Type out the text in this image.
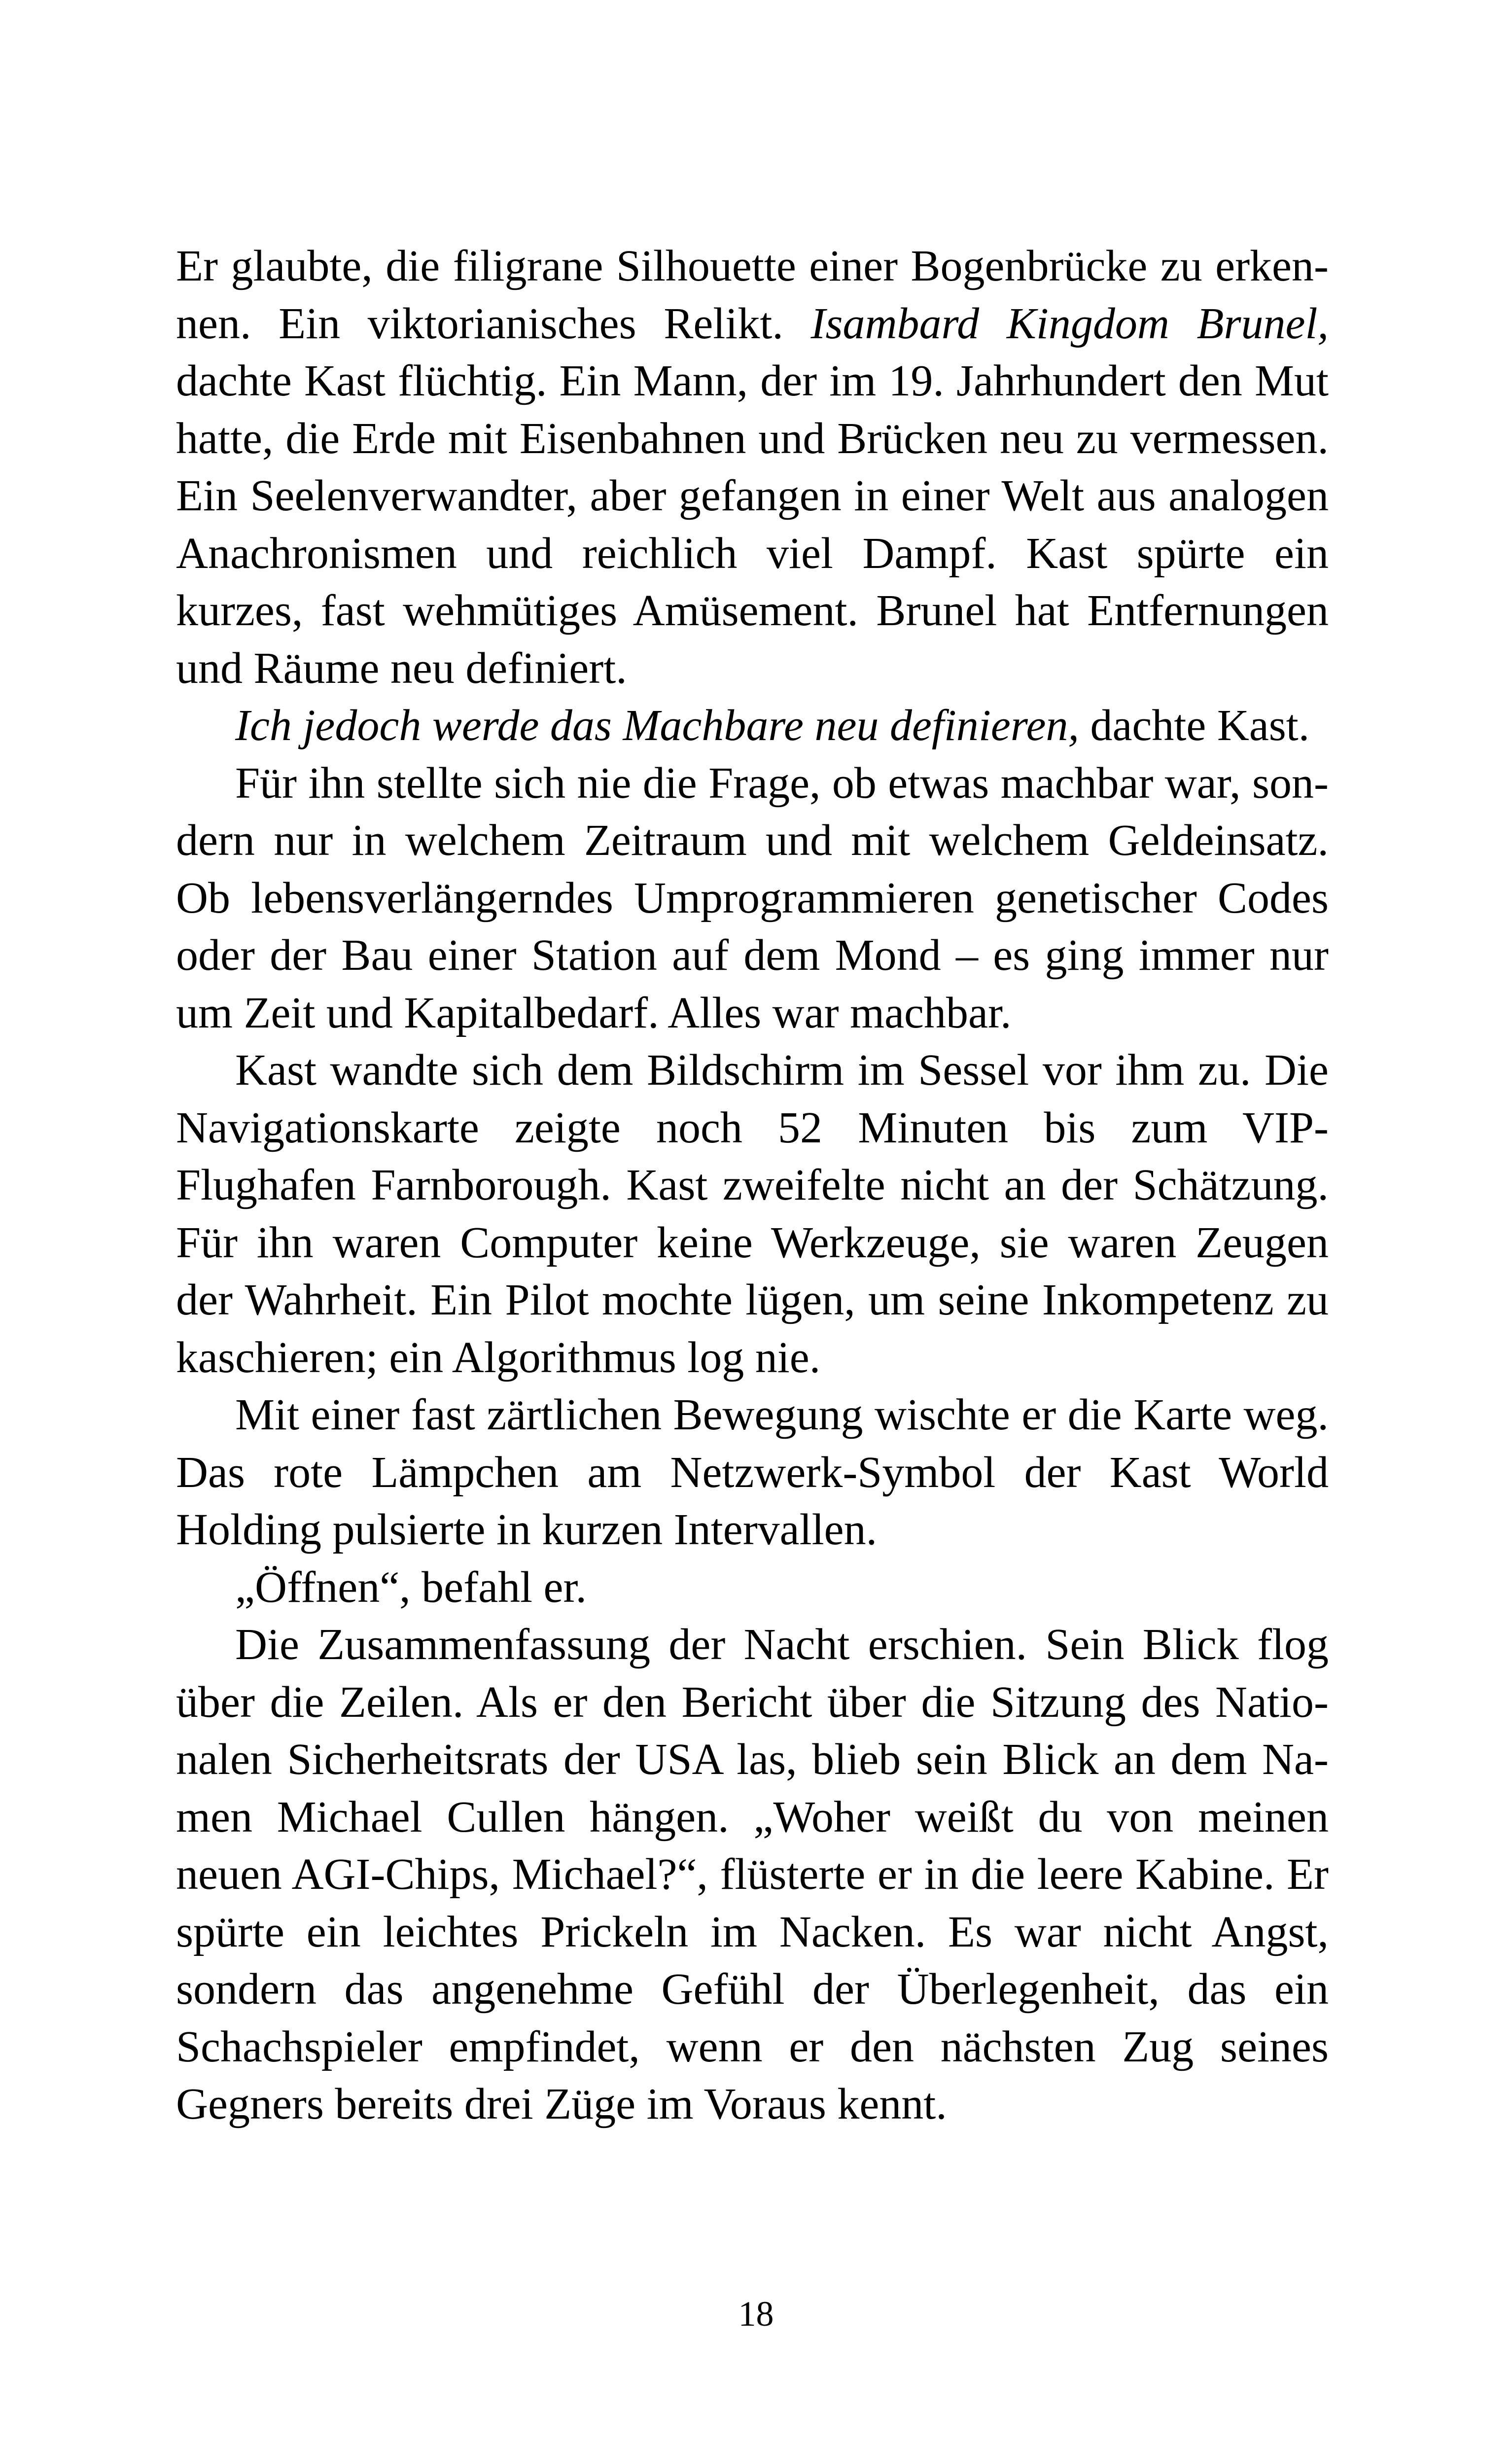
Er glaubte, die filigrane Silhouette einer Bogenbrücke zu erkennen. Ein viktorianisches Relikt. Isambard Kingdom Brunel, dachte Kast flüchtig. Ein Mann, der im 19. Jahrhundert den Mut hatte, die Erde mit Eisenbahnen und Brücken neu zu vermessen. Ein Seelenverwandter, aber gefangen in einer Welt aus analogen Anachronismen und reichlich viel Dampf. Kast spürte ein kurzes, fast wehmütiges Amüsement. Brunel hat Entfernungen und Räume neu definiert.

Ich jedoch werde das Machbare neu definieren, dachte Kast.

Für ihn stellte sich nie die Frage, ob etwas machbar war, sondern nur in welchem Zeitraum und mit welchem Geldeinsatz. Ob lebensverlängerndes Umprogrammieren genetischer Codes oder der Bau einer Station auf dem Mond – es ging immer nur um Zeit und Kapitalbedarf. Alles war machbar.

Kast wandte sich dem Bildschirm im Sessel vor ihm zu. Die Navigationskarte zeigte noch 52 Minuten bis zum VIP-Flughafen Farnborough. Kast zweifelte nicht an der Schätzung. Für ihn waren Computer keine Werkzeuge, sie waren Zeugen der Wahrheit. Ein Pilot mochte lügen, um seine Inkompetenz zu kaschieren; ein Algorithmus log nie.

Mit einer fast zärtlichen Bewegung wischte er die Karte weg. Das rote Lämpchen am Netzwerk-Symbol der Kast World Holding pulsierte in kurzen Intervallen.

„Öffnen“, befahl er.

Die Zusammenfassung der Nacht erschien. Sein Blick flog über die Zeilen. Als er den Bericht über die Sitzung des Nationalen Sicherheitsrats der USA las, blieb sein Blick an dem Namen Michael Cullen hängen. „Woher weißt du von meinen neuen AGI-Chips, Michael?“, flüsterte er in die leere Kabine. Er spürte ein leichtes Prickeln im Nacken. Es war nicht Angst, sondern das angenehme Gefühl der Überlegenheit, das ein Schachspieler empfindet, wenn er den nächsten Zug seines Gegners bereits drei Züge im Voraus kennt.

18
